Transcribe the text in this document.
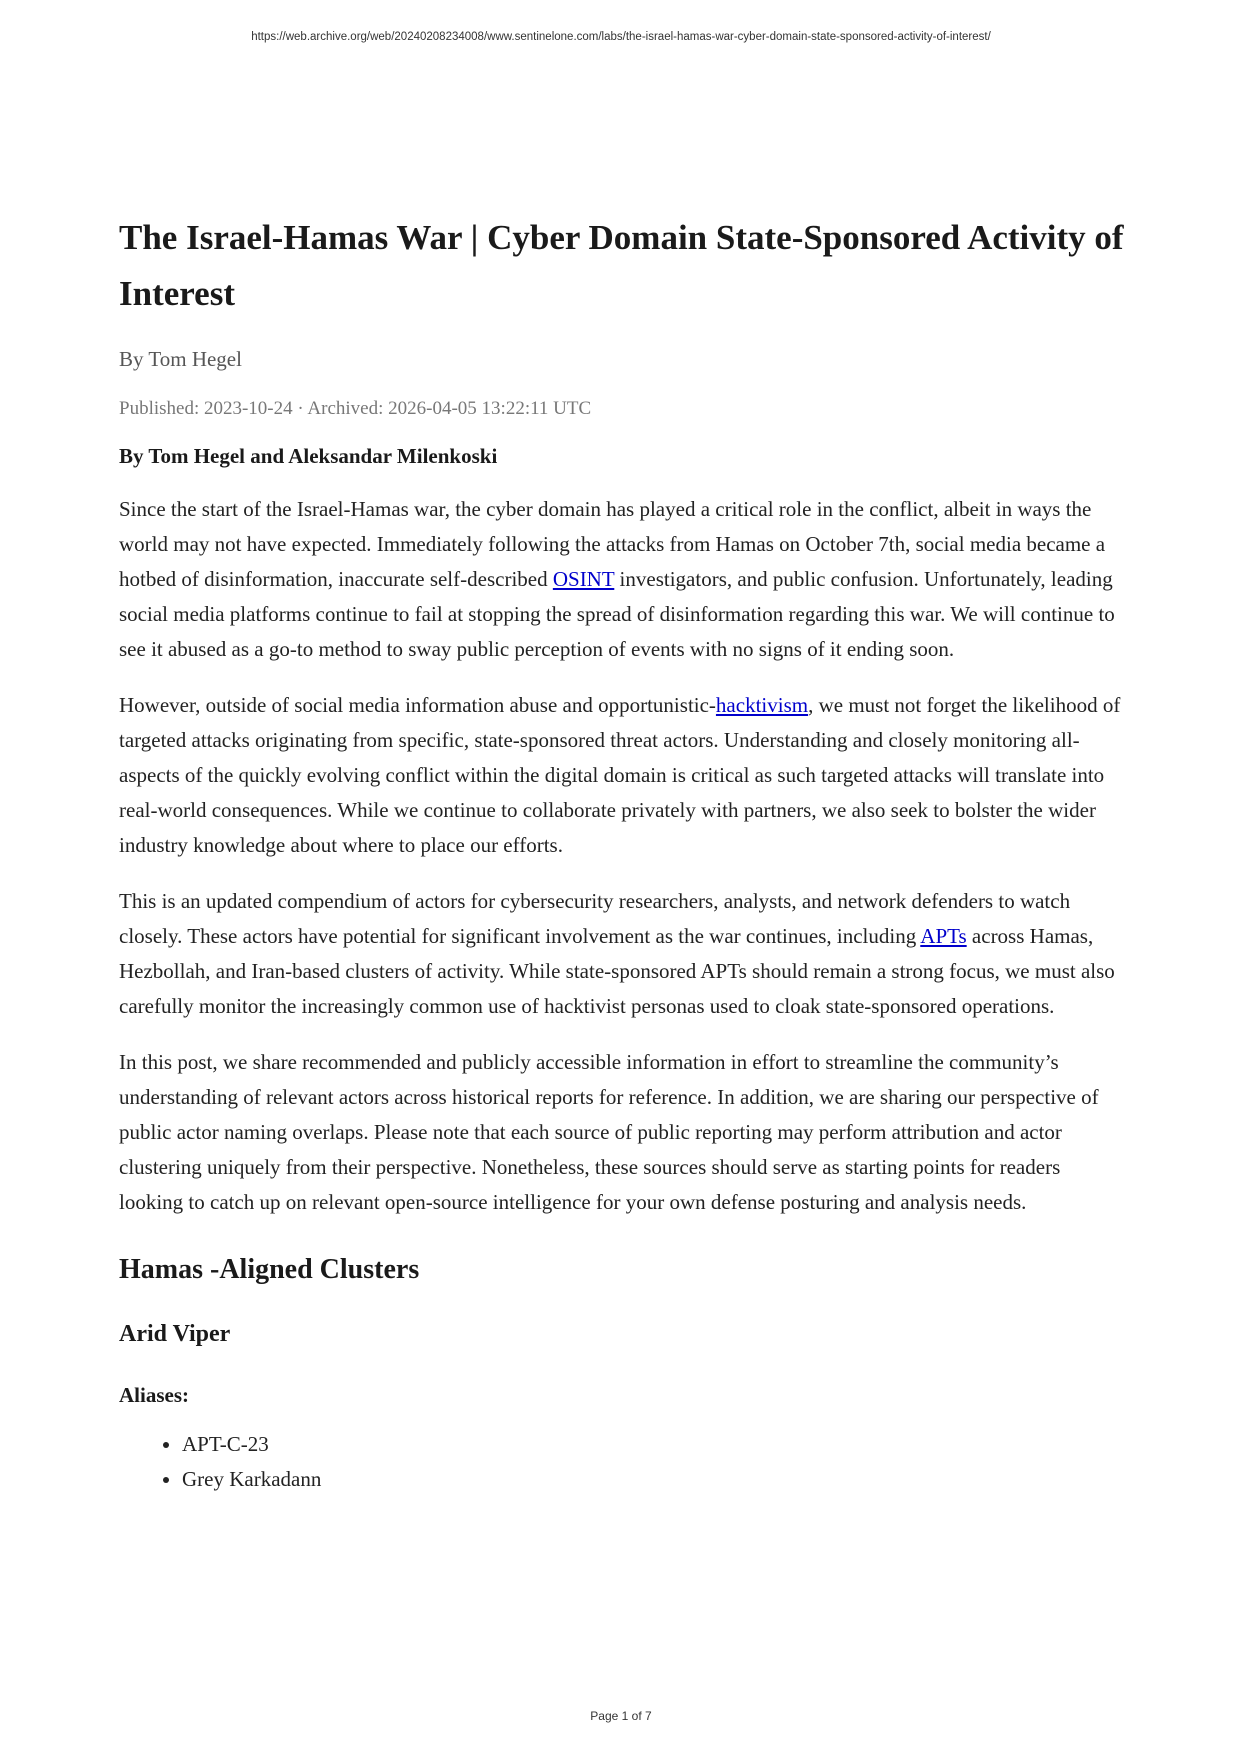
https://web.archive.org/web/20240208234008/www.sentinelone.com/labs/the-israel-hamas-war-cyber-domain-state-sponsored-activity-of-interest/
The Israel-Hamas War | Cyber Domain State-Sponsored Activity of Interest
By Tom Hegel
Published: 2023-10-24 · Archived: 2026-04-05 13:22:11 UTC
By Tom Hegel and Aleksandar Milenkoski

Since the start of the Israel-Hamas war, the cyber domain has played a critical role in the conflict, albeit in ways the world may not have expected. Immediately following the attacks from Hamas on October 7th, social media became a hotbed of disinformation, inaccurate self-described OSINT investigators, and public confusion. Unfortunately, leading social media platforms continue to fail at stopping the spread of disinformation regarding this war. We will continue to see it abused as a go-to method to sway public perception of events with no signs of it ending soon.

However, outside of social media information abuse and opportunistic-hacktivism, we must not forget the likelihood of targeted attacks originating from specific, state-sponsored threat actors. Understanding and closely monitoring all-aspects of the quickly evolving conflict within the digital domain is critical as such targeted attacks will translate into real-world consequences. While we continue to collaborate privately with partners, we also seek to bolster the wider industry knowledge about where to place our efforts.

This is an updated compendium of actors for cybersecurity researchers, analysts, and network defenders to watch closely. These actors have potential for significant involvement as the war continues, including APTs across Hamas, Hezbollah, and Iran-based clusters of activity. While state-sponsored APTs should remain a strong focus, we must also carefully monitor the increasingly common use of hacktivist personas used to cloak state-sponsored operations.

In this post, we share recommended and publicly accessible information in effort to streamline the community’s understanding of relevant actors across historical reports for reference. In addition, we are sharing our perspective of public actor naming overlaps. Please note that each source of public reporting may perform attribution and actor clustering uniquely from their perspective. Nonetheless, these sources should serve as starting points for readers looking to catch up on relevant open-source intelligence for your own defense posturing and analysis needs.

Hamas -Aligned Clusters
Arid Viper
Aliases:
• APT-C-23
• Grey Karkadann
Page 1 of 7
